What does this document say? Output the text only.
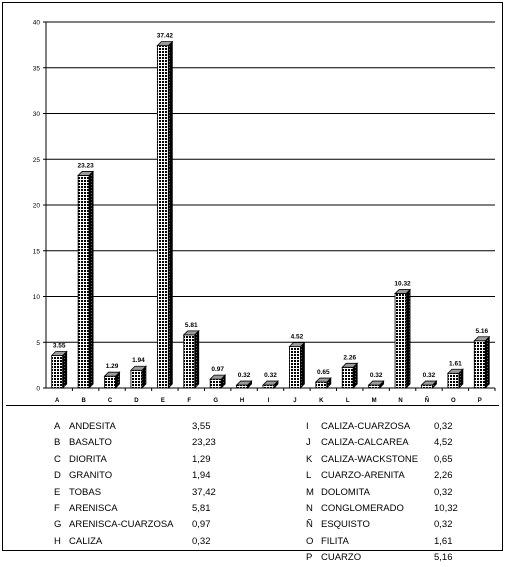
0
5
10
15
20
25
30
35
40
3.55
A
23.23
B
1.29
C
1.94
D
37.42
E
5.81
F
0.97
G
0.32
H
0.32
I
4.52
J
0.65
K
2.26
L
0.32
M
10.32
N
0.32
Ñ
1.61
O
5.16
P
A ANDESITA	3,55
B BASALTO	23,23
C DIORITA	1,29
D GRANITO	1,94
E TOBAS	37,42
F ARENISCA	5,81
G ARENISCA-CUARZOSA 0,97
H CALIZA	0,32
I CALIZA-CUARZOSA	0,32
J CALIZA-CALCAREA	4,52
K CALIZA-WACKSTONE 0,65
L CUARZO-ARENITA	2,26
M DOLOMITA	0,32
N CONGLOMERADO	10,32
Ñ ESQUISTO	0,32
O FILITA	1,61
P CUARZO	5,16
